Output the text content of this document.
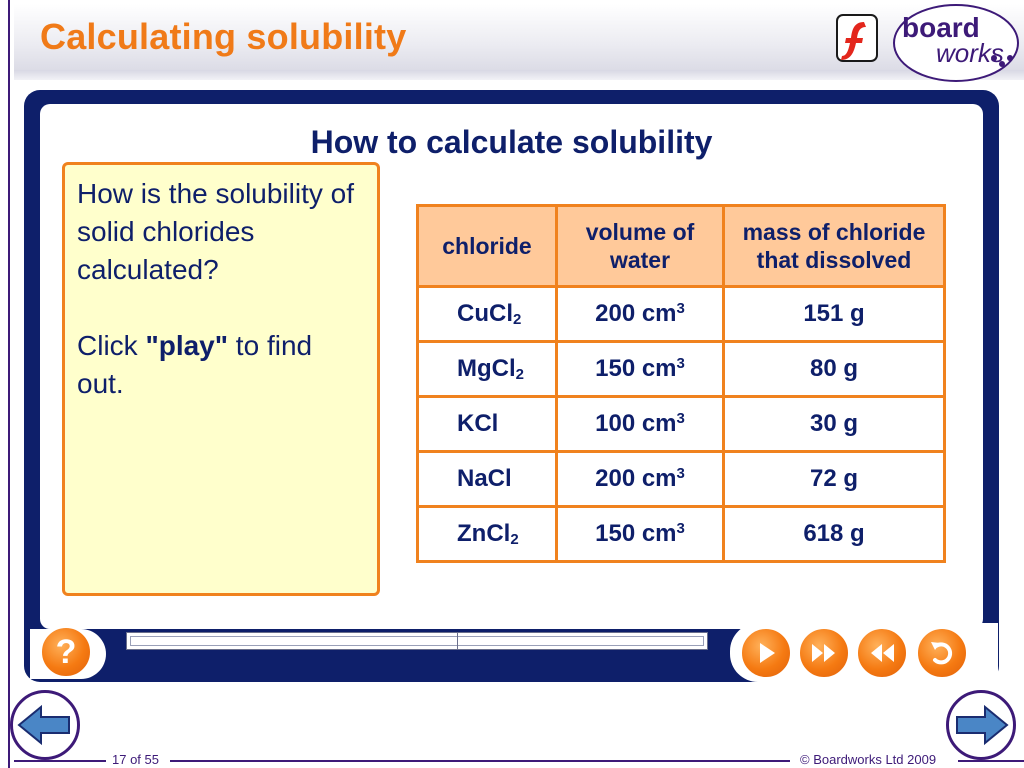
Calculating solubility	board
works
How to calculate solubility

How is the solubility of solid chlorides calculated?

Click "play" to find out.

chloride	volume of water	mass of chloride that dissolved
CuCl$_2$	200 $cm^3$	151 g
MgCl$_2$	150 $cm^3$	80 g
KCl	100 $cm^3$	30 g
NaCl	200 $cm^3$	72 g
ZnCl$_2$	150 $cm^3$	618 g
?
17 of 55	© Boardworks Ltd 2009
